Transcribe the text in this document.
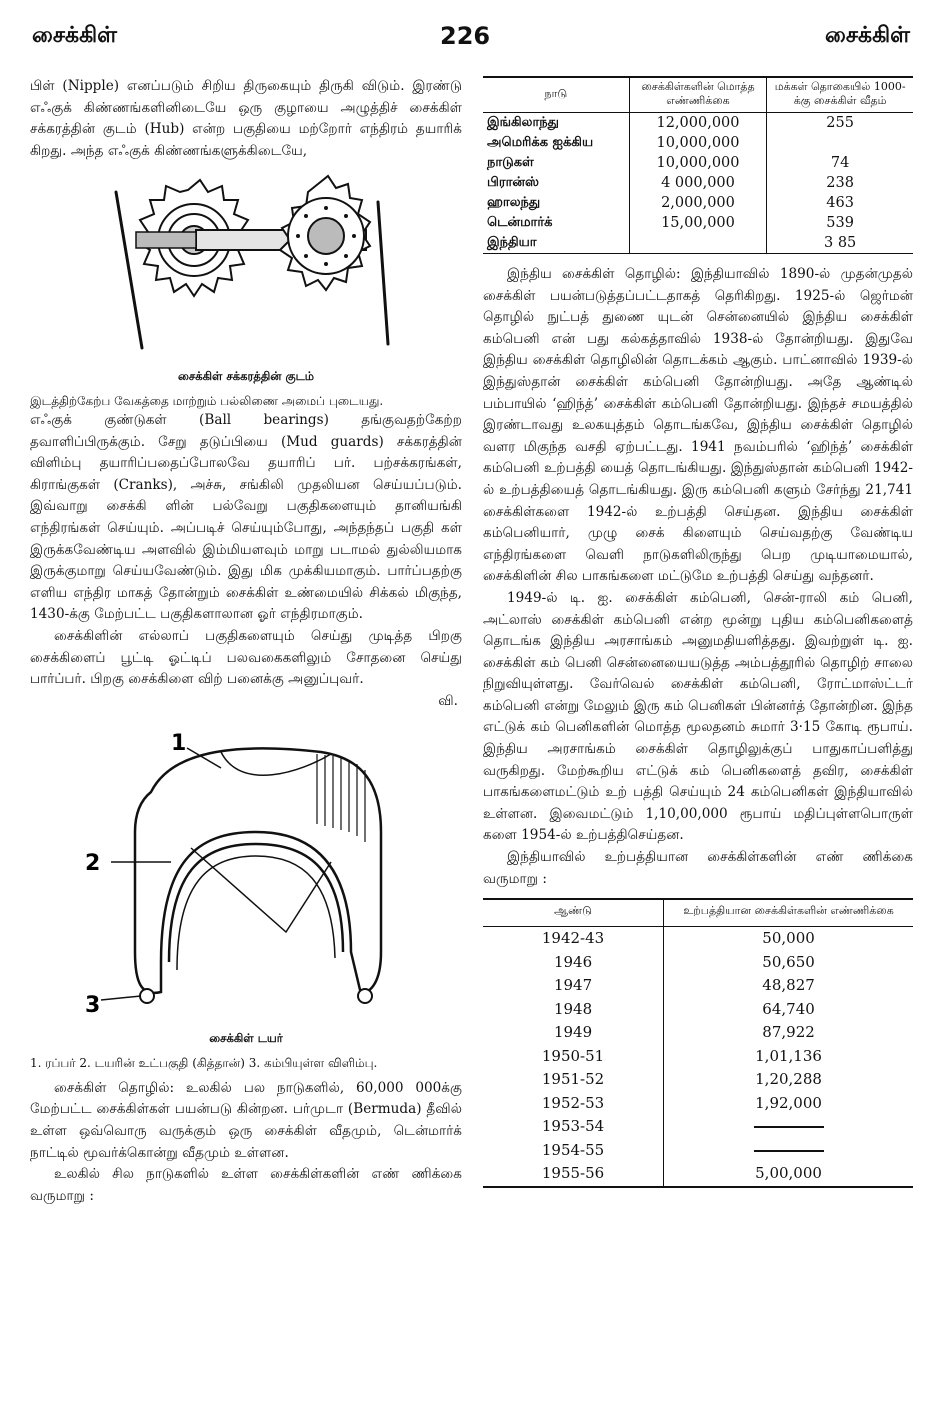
சைக்கிள்	226	சைக்கிள்

பிள் (Nipple) எனப்படும் சிறிய திருகையும் திருகி விடும். இரண்டு எஃகுக் கிண்ணங்களினிடையே ஒரு குழாயை அழுத்திச் சைக்கிள் சக்கரத்தின் குடம் (Hub) என்ற பகுதியை மற்றோர் எந்திரம் தயாரிக் கிறது. அந்த எஃகுக் கிண்ணங்களுக்கிடையே,

சைக்கிள் சக்கரத்தின் குடம்

இடத்திற்கேற்ப வேகத்தை மாற்றும் பல்லிணை அமைப் புடையது.

எஃகுக் குண்டுகள் (Ball bearings) தங்குவதற்கேற்ற தவாளிப்பிருக்கும். சேறு தடுப்பியை (Mud guards) சக்கரத்தின் விளிம்பு தயாரிப்பதைப்போலவே தயாரிப் பர். பற்சக்கரங்கள், கிராங்குகள் (Cranks), அச்சு, சங்கிலி முதலியன செய்யப்படும். இவ்வாறு சைக்கி ளின் பல்வேறு பகுதிகளையும் தானியங்கி எந்திரங்கள் செய்யும். அப்படிச் செய்யும்போது, அந்தந்தப் பகுதி கள் இருக்கவேண்டிய அளவில் இம்மியளவும் மாறு படாமல் துல்லியமாக இருக்குமாறு செய்யவேண்டும். இது மிக முக்கியமாகும். பார்ப்பதற்கு எளிய எந்திர மாகத் தோன்றும் சைக்கிள் உண்மையில் சிக்கல் மிகுந்த, 1430-க்கு மேற்பட்ட பகுதிகளாலான ஓர் எந்திரமாகும்.

சைக்கிளின் எல்லாப் பகுதிகளையும் செய்து முடித்த பிறகு சைக்கிளைப் பூட்டி ஓட்டிப் பலவகைகளிலும் சோதனை செய்து பார்ப்பர். பிறகு சைக்கிளை விற் பனைக்கு அனுப்புவர்.

வி.
1
2
3
சைக்கிள் டயர்

1. ரப்பர் 2. டயரின் உட்பகுதி (கித்தான்) 3. கம்பியுள்ள விளிம்பு.

சைக்கிள் தொழில்: உலகில் பல நாடுகளில், 60,000 000க்கு மேற்பட்ட சைக்கிள்கள் பயன்படு கின்றன. பர்முடா (Bermuda) தீவில் உள்ள ஒவ்வொரு வருக்கும் ஒரு சைக்கிள் வீதமும், டென்மார்க் நாட்டில் மூவர்க்கொன்று வீதமும் உள்ளன.

உலகில் சில நாடுகளில் உள்ள சைக்கிள்களின் எண் ணிக்கை வருமாறு :

நாடு	சைக்கிள்களின் மொத்த எண்ணிக்கை	மக்கள் தொகையில் 1000-க்கு சைக்கிள் வீதம்
இங்கிலாந்து	12,000,000	255
அமெரிக்க ஐக்கிய	10,000,000	
நாடுகள்	10,000,000	74
பிரான்ஸ்	4 000,000	238
ஹாலந்து	2,000,000	463
டென்மார்க்	15,00,000	539
இந்தியா		3 85

இந்திய சைக்கிள் தொழில்: இந்தியாவில் 1890-ல் முதன்முதல் சைக்கிள் பயன்படுத்தப்பட்டதாகத் தெரிகிறது. 1925-ல் ஜெர்மன் தொழில் நுட்பத் துணை யுடன் சென்னையில் இந்திய சைக்கிள் கம்பெனி என் பது கல்கத்தாவில் 1938-ல் தோன்றியது. இதுவே இந்திய சைக்கிள் தொழிலின் தொடக்கம் ஆகும். பாட்னாவில் 1939-ல் இந்துஸ்தான் சைக்கிள் கம்பெனி தோன்றியது. அதே ஆண்டில் பம்பாயில் ‘ஹிந்த்’ சைக்கிள் கம்பெனி தோன்றியது. இந்தச் சமயத்தில் இரண்டாவது உலகயுத்தம் தொடங்கவே, இந்திய சைக்கிள் தொழில் வளர மிகுந்த வசதி ஏற்பட்டது. 1941 நவம்பரில் ‘ஹிந்த்’ சைக்கிள் கம்பெனி உற்பத்தி யைத் தொடங்கியது. இந்துஸ்தான் கம்பெனி 1942-ல் உற்பத்தியைத் தொடங்கியது. இரு கம்பெனி களும் சேர்ந்து 21,741 சைக்கிள்களை 1942-ல் உற்பத்தி செய்தன. இந்திய சைக்கிள் கம்பெனியார், முழு சைக் கிளையும் செய்வதற்கு வேண்டிய எந்திரங்களை வெளி நாடுகளிலிருந்து பெற முடியாமையால், சைக்கிளின் சில பாகங்களை மட்டுமே உற்பத்தி செய்து வந்தனர்.

1949-ல் டி. ஐ. சைக்கிள் கம்பெனி, சென்-ராலி கம் பெனி, அட்லாஸ் சைக்கிள் கம்பெனி என்ற மூன்று புதிய கம்பெனிகளைத் தொடங்க இந்திய அரசாங்கம் அனுமதியளித்தது. இவற்றுள் டி. ஐ. சைக்கிள் கம் பெனி சென்னையையடுத்த அம்பத்தூரில் தொழிற் சாலை நிறுவியுள்ளது. வேர்வெல் சைக்கிள் கம்பெனி, ரோட்மாஸ்ட்டர் கம்பெனி என்று மேலும் இரு கம் பெனிகள் பின்னர்த் தோன்றின. இந்த எட்டுக் கம் பெனிகளின் மொத்த மூலதனம் சுமார் 3·15 கோடி ரூபாய். இந்திய அரசாங்கம் சைக்கிள் தொழிலுக்குப் பாதுகாப்பளித்து வருகிறது. மேற்கூறிய எட்டுக் கம் பெனிகளைத் தவிர, சைக்கிள் பாகங்களைமட்டும் உற் பத்தி செய்யும் 24 கம்பெனிகள் இந்தியாவில் உள்ளன. இவைமட்டும் 1,10,00,000 ரூபாய் மதிப்புள்ளபொருள் களை 1954-ல் உற்பத்திசெய்தன.

இந்தியாவில் உற்பத்தியான சைக்கிள்களின் எண் ணிக்கை வருமாறு :

ஆண்டு	உற்பத்தியான சைக்கிள்களின் எண்ணிக்கை
1942-43	50,000
1946	50,650
1947	48,827
1948	64,740
1949	87,922
1950-51	1,01,136
1951-52	1,20,288
1952-53	1,92,000
1953-54	
1954-55	
1955-56	5,00,000
